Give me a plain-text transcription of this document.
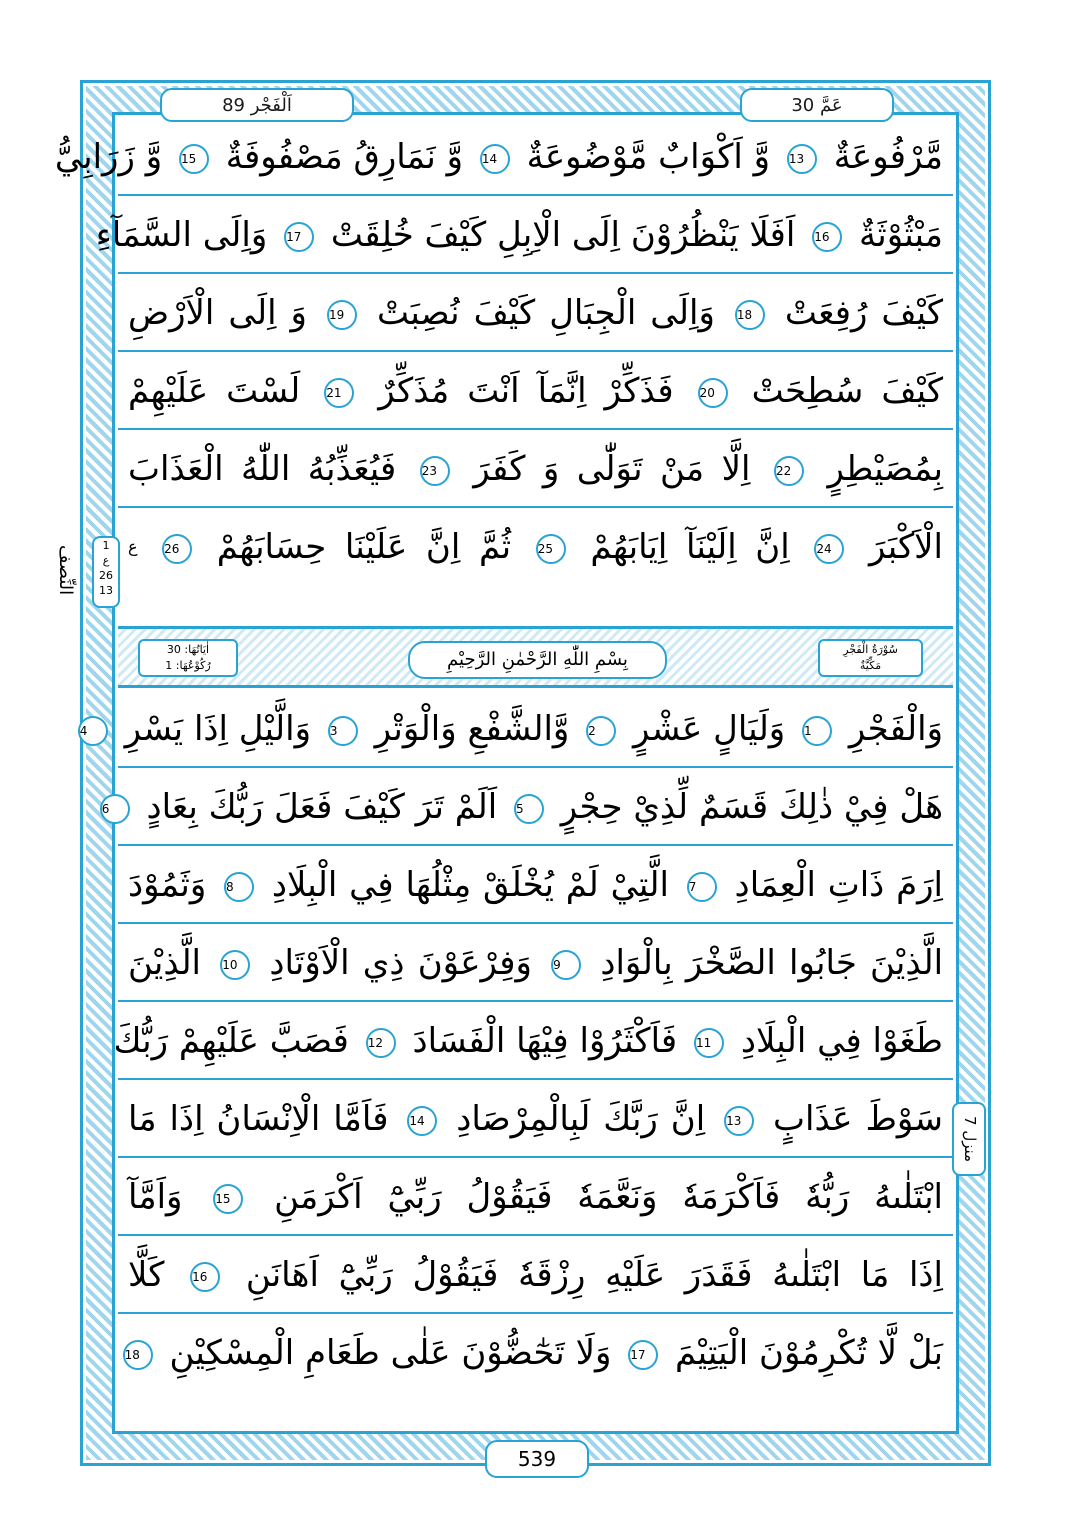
اَلْفَجْر 89	عَمَّ 30
مَّرْفُوعَةٌ 13 وَّ اَكْوَابٌ مَّوْضُوعَةٌ 14 وَّ نَمَارِقُ مَصْفُوفَةٌ 15 وَّ زَرَابِيُّ
مَبْثُوْثَةٌ 16 اَفَلَا يَنْظُرُوْنَ اِلَى الْاِبِلِ كَيْفَ خُلِقَتْ 17 وَاِلَى السَّمَآءِ
كَيْفَ رُفِعَتْ 18 وَاِلَى الْجِبَالِ كَيْفَ نُصِبَتْ 19 وَ اِلَى الْاَرْضِ
كَيْفَ سُطِحَتْ 20 فَذَكِّرْ اِنَّمَآ اَنْتَ مُذَكِّرٌ 21 لَسْتَ عَلَيْهِمْ
بِمُصَيْطِرٍ 22 اِلَّا مَنْ تَوَلّٰى وَ كَفَرَ 23 فَيُعَذِّبُهُ اللّٰهُ الْعَذَابَ
الْاَكْبَرَ 24 اِنَّ اِلَيْنَآ اِيَابَهُمْ 25 ثُمَّ اِنَّ عَلَيْنَا حِسَابَهُمْ 26 $^ع$
1
ع
26
13
النِّصف
اٰيَاتُهَا: 30
رُكُوْعُهَا: 1	بِسْمِ اللّٰهِ الرَّحْمٰنِ الرَّحِيْمِ	سُوْرَةُ الْفَجْرِ
مَكِّيَّةٌ
وَالْفَجْرِ 1 وَلَيَالٍ عَشْرٍ 2 وَّالشَّفْعِ وَالْوَتْرِ 3 وَالَّيْلِ اِذَا يَسْرِ 4
هَلْ فِيْ ذٰلِكَ قَسَمٌ لِّذِيْ حِجْرٍ 5 اَلَمْ تَرَ كَيْفَ فَعَلَ رَبُّكَ بِعَادٍ 6
اِرَمَ ذَاتِ الْعِمَادِ 7 الَّتِيْ لَمْ يُخْلَقْ مِثْلُهَا فِي الْبِلَادِ 8 وَثَمُوْدَ
الَّذِيْنَ جَابُوا الصَّخْرَ بِالْوَادِ 9 وَفِرْعَوْنَ ذِي الْاَوْتَادِ 10 الَّذِيْنَ
طَغَوْا فِي الْبِلَادِ 11 فَاَكْثَرُوْا فِيْهَا الْفَسَادَ 12 فَصَبَّ عَلَيْهِمْ رَبُّكَ
سَوْطَ عَذَابٍ 13 اِنَّ رَبَّكَ لَبِالْمِرْصَادِ 14 فَاَمَّا الْاِنْسَانُ اِذَا مَا
ابْتَلٰىهُ رَبُّهٗ فَاَكْرَمَهٗ وَنَعَّمَهٗ فَيَقُوْلُ رَبِّيْٓ اَكْرَمَنِ 15 وَاَمَّآ
اِذَا مَا ابْتَلٰىهُ فَقَدَرَ عَلَيْهِ رِزْقَهٗ فَيَقُوْلُ رَبِّيْٓ اَهَانَنِ 16 كَلَّا
بَلْ لَّا تُكْرِمُوْنَ الْيَتِيْمَ 17 وَلَا تَحٰٓضُّوْنَ عَلٰى طَعَامِ الْمِسْكِيْنِ 18
منزل 7
539
